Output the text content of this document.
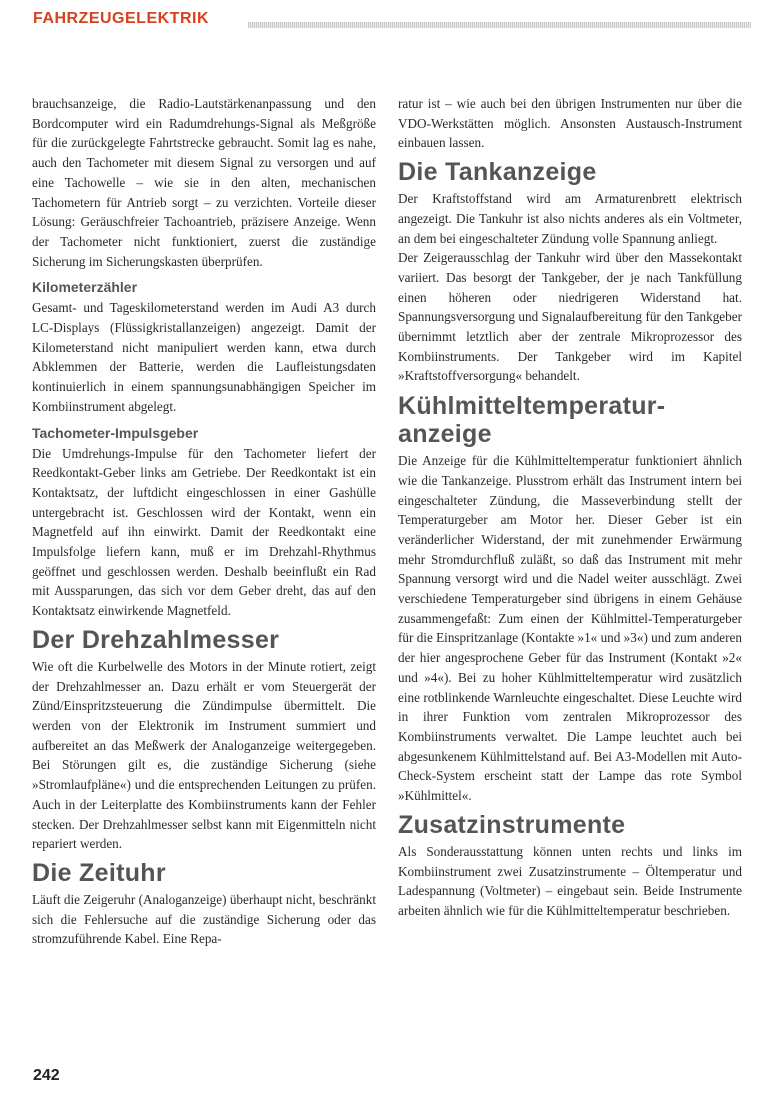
FAHRZEUGELEKTRIK

brauchsanzeige, die Radio-Lautstärkenanpassung und den Bordcomputer wird ein Radumdrehungs-Signal als Meßgröße für die zurückgelegte Fahrtstrecke gebraucht. Somit lag es nahe, auch den Tachometer mit diesem Signal zu versorgen und auf eine Tachowelle – wie sie in den alten, mechanischen Tachometern für Antrieb sorgt – zu verzichten. Vorteile dieser Lösung: Geräuschfreier Tachoantrieb, präzisere Anzeige. Wenn der Tachometer nicht funktioniert, zuerst die zuständige Sicherung im Sicherungskasten überprüfen.

Kilometerzähler

Gesamt- und Tageskilometerstand werden im Audi A3 durch LC-Displays (Flüssigkristallanzeigen) angezeigt. Damit der Kilometerstand nicht manipuliert werden kann, etwa durch Abklemmen der Batterie, werden die Laufleistungsdaten kontinuierlich in einem spannungsunabhängigen Speicher im Kombiinstrument abgelegt.

Tachometer-Impulsgeber

Die Umdrehungs-Impulse für den Tachometer liefert der Reedkontakt-Geber links am Getriebe. Der Reedkontakt ist ein Kontaktsatz, der luftdicht eingeschlossen in einer Gashülle untergebracht ist. Geschlossen wird der Kontakt, wenn ein Magnetfeld auf ihn einwirkt. Damit der Reedkontakt eine Impulsfolge liefern kann, muß er im Drehzahl-Rhythmus geöffnet und geschlossen werden. Deshalb beeinflußt ein Rad mit Aussparungen, das sich vor dem Geber dreht, das auf den Kontaktsatz einwirkende Magnetfeld.

Der Drehzahlmesser

Wie oft die Kurbelwelle des Motors in der Minute rotiert, zeigt der Drehzahlmesser an. Dazu erhält er vom Steuergerät der Zünd/Einspritzsteuerung die Zündimpulse übermittelt. Die werden von der Elektronik im Instrument summiert und aufbereitet an das Meßwerk der Analoganzeige weitergegeben. Bei Störungen gilt es, die zuständige Sicherung (siehe »Stromlaufpläne«) und die entsprechenden Leitungen zu prüfen. Auch in der Leiterplatte des Kombiinstruments kann der Fehler stecken. Der Drehzahlmesser selbst kann mit Eigenmitteln nicht repariert werden.

Die Zeituhr

Läuft die Zeigeruhr (Analoganzeige) überhaupt nicht, beschränkt sich die Fehlersuche auf die zuständige Sicherung oder das stromzuführende Kabel. Eine Repa-

ratur ist – wie auch bei den übrigen Instrumenten nur über die VDO-Werkstätten möglich. Ansonsten Austausch-Instrument einbauen lassen.

Die Tankanzeige

Der Kraftstoffstand wird am Armaturenbrett elektrisch angezeigt. Die Tankuhr ist also nichts anderes als ein Voltmeter, an dem bei eingeschalteter Zündung volle Spannung anliegt.

Der Zeigerausschlag der Tankuhr wird über den Massekontakt variiert. Das besorgt der Tankgeber, der je nach Tankfüllung einen höheren oder niedrigeren Widerstand hat. Spannungsversorgung und Signalaufbereitung für den Tankgeber übernimmt letztlich aber der zentrale Mikroprozessor des Kombiinstruments. Der Tankgeber wird im Kapitel »Kraftstoffversorgung« behandelt.

Kühlmitteltemperatur-
anzeige

Die Anzeige für die Kühlmitteltemperatur funktioniert ähnlich wie die Tankanzeige. Plusstrom erhält das Instrument intern bei eingeschalteter Zündung, die Masseverbindung stellt der Temperaturgeber am Motor her. Dieser Geber ist ein veränderlicher Widerstand, der mit zunehmender Erwärmung mehr Stromdurchfluß zuläßt, so daß das Instrument mit mehr Spannung versorgt wird und die Nadel weiter ausschlägt. Zwei verschiedene Temperaturgeber sind übrigens in einem Gehäuse zusammengefaßt: Zum einen der Kühlmittel-Temperaturgeber für die Einspritzanlage (Kontakte »1« und »3«) und zum anderen der hier angesprochene Geber für das Instrument (Kontakt »2« und »4«). Bei zu hoher Kühlmitteltemperatur wird zusätzlich eine rotblinkende Warnleuchte eingeschaltet. Diese Leuchte wird in ihrer Funktion vom zentralen Mikroprozessor des Kombiinstruments verwaltet. Die Lampe leuchtet auch bei abgesunkenem Kühlmittelstand auf. Bei A3-Modellen mit Auto-Check-System erscheint statt der Lampe das rote Symbol »Kühlmittel«.

Zusatzinstrumente

Als Sonderausstattung können unten rechts und links im Kombiinstrument zwei Zusatzinstrumente – Öltemperatur und Ladespannung (Voltmeter) – eingebaut sein. Beide Instrumente arbeiten ähnlich wie für die Kühlmitteltemperatur beschrieben.

242
